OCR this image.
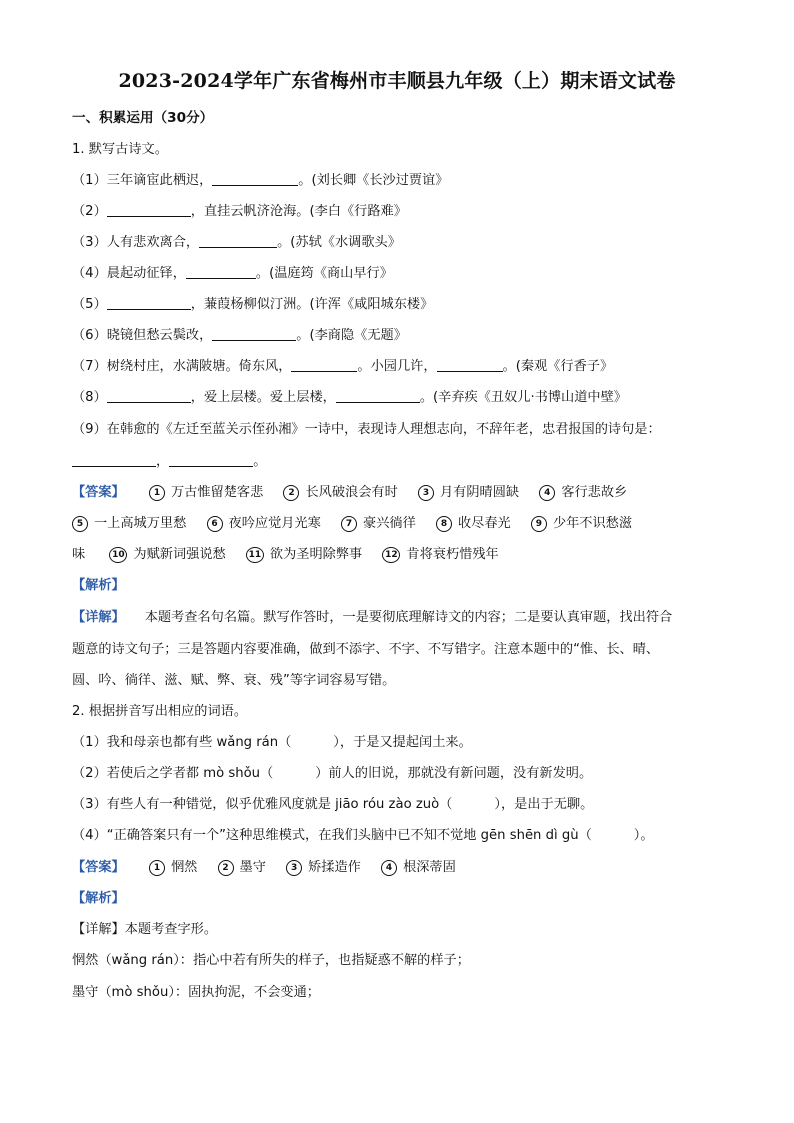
2023-2024学年广东省梅州市丰顺县九年级（上）期末语文试卷
一、积累运用（30分）
1. 默写古诗文。
（1）三年谪宦此栖迟，	。(刘长卿《长沙过贾谊》
（2）	，直挂云帆济沧海。(李白《行路难》
（3）人有悲欢离合，	。(苏轼《水调歌头》
（4）晨起动征铎，	。(温庭筠《商山早行》
（5）	，蒹葭杨柳似汀洲。(许浑《咸阳城东楼》
（6）晓镜但愁云鬓改，	。(李商隐《无题》
（7）树绕村庄，水满陂塘。倚东风，	。小园几许，	。(秦观《行香子》
（8）	，爱上层楼。爱上层楼，	。(辛弃疾《丑奴儿·书博山道中壁》
（9）在韩愈的《左迁至蓝关示侄孙湘》一诗中，表现诗人理想志向，不辞年老，忠君报国的诗句是：
，	。
【答案】	1 万古惟留楚客悲	2 长风破浪会有时	3 月有阴晴圆缺	4 客行悲故乡
5 一上高城万里愁	6 夜吟应觉月光寒	7 豪兴徜徉	8 收尽春光	9 少年不识愁滋
味	10 为赋新词强说愁	11 欲为圣明除弊事	12 肯将衰朽惜残年
【解析】
【详解】 本题考查名句名篇。默写作答时，一是要彻底理解诗文的内容；二是要认真审题，找出符合
题意的诗文句子；三是答题内容要准确，做到不添字、不字、不写错字。注意本题中的“惟、长、晴、
圆、吟、徜徉、滋、赋、弊、衰、残”等字词容易写错。
2. 根据拼音写出相应的词语。
（1）我和母亲也都有些 wǎng rán（	），于是又提起闰土来。
（2）若使后之学者都 mò shǒu（	）前人的旧说，那就没有新问题，没有新发明。
（3）有些人有一种错觉，似乎优雅风度就是 jiāo róu zào zuò（	），是出于无聊。
（4）“正确答案只有一个”这种思维模式，在我们头脑中已不知不觉地 gēn shēn dì gù（	）。
【答案】	1 惘然	2 墨守	3 矫揉造作	4 根深蒂固
【解析】
【详解】本题考查字形。
惘然（wǎng rán）：指心中若有所失的样子，也指疑惑不解的样子；
墨守（mò shǒu）：固执拘泥，不会变通；
